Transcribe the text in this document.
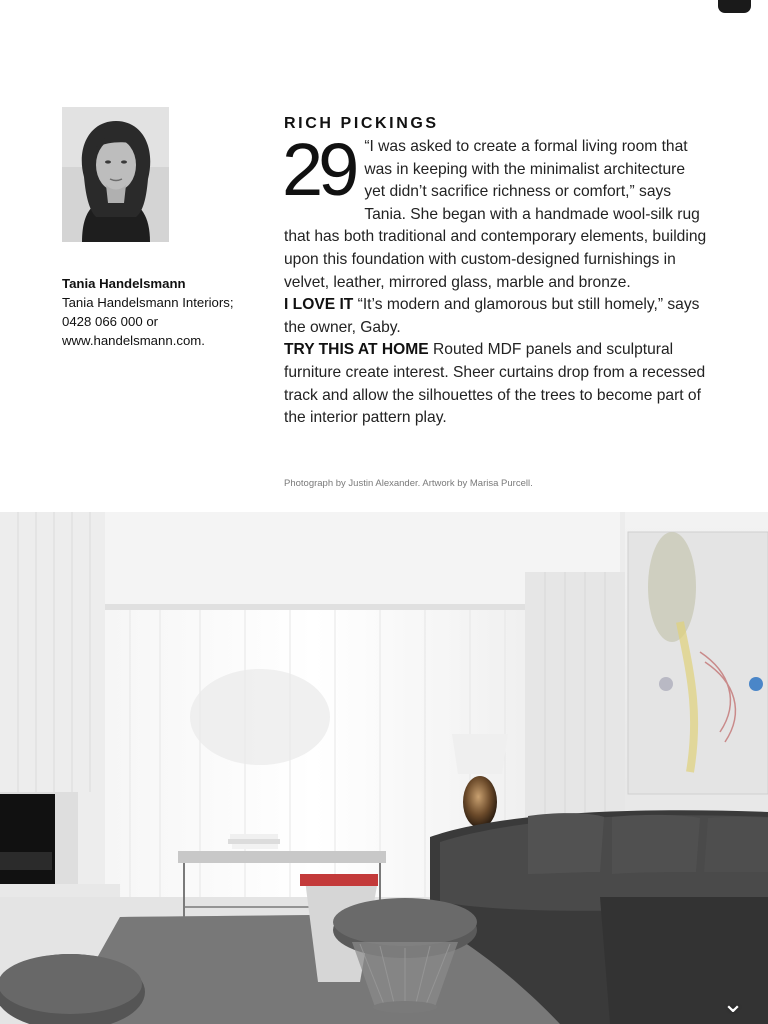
Tania Handelsmann
Tania Handelsmann Interiors;
0428 066 000 or
www.handelsmann.com.
RICH PICKINGS

29 “I was asked to create a formal living room that was in keeping with the minimalist architecture yet didn’t sacrifice richness or comfort,” says Tania. She began with a handmade wool-silk rug that has both traditional and contemporary elements, building upon this foundation with custom-designed furnishings in velvet, leather, mirrored glass, marble and bronze.

I LOVE IT “It’s modern and glamorous but still homely,” says the owner, Gaby.

TRY THIS AT HOME Routed MDF panels and sculptural furniture create interest. Sheer curtains drop from a recessed track and allow the silhouettes of the trees to become part of the interior pattern play.

Photograph by Justin Alexander. Artwork by Marisa Purcell.
⌄︎
